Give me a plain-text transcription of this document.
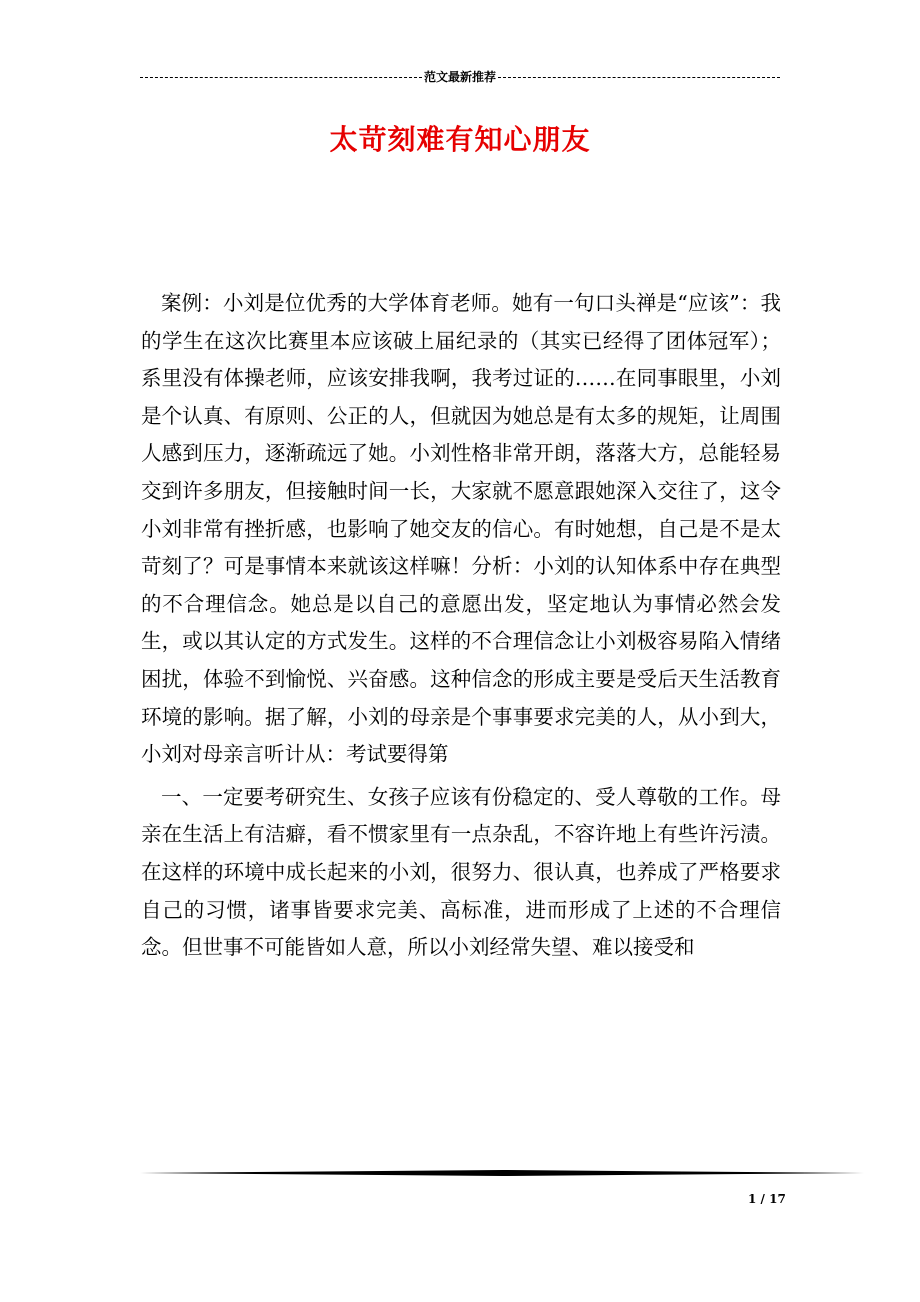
范文最新推荐
太苛刻难有知心朋友

案例：小刘是位优秀的大学体育老师。她有一句口头禅是“应该”：我的学生在这次比赛里本应该破上届纪录的（其实已经得了团体冠军）；系里没有体操老师，应该安排我啊，我考过证的……在同事眼里，小刘是个认真、有原则、公正的人，但就因为她总是有太多的规矩，让周围人感到压力，逐渐疏远了她。小刘性格非常开朗，落落大方，总能轻易交到许多朋友，但接触时间一长，大家就不愿意跟她深入交往了，这令小刘非常有挫折感，也影响了她交友的信心。有时她想，自己是不是太苛刻了？可是事情本来就该这样嘛！分析：小刘的认知体系中存在典型的不合理信念。她总是以自己的意愿出发，坚定地认为事情必然会发生，或以其认定的方式发生。这样的不合理信念让小刘极容易陷入情绪困扰，体验不到愉悦、兴奋感。这种信念的形成主要是受后天生活教育环境的影响。据了解，小刘的母亲是个事事要求完美的人，从小到大，小刘对母亲言听计从：考试要得第

一、一定要考研究生、女孩子应该有份稳定的、受人尊敬的工作。母亲在生活上有洁癖，看不惯家里有一点杂乱，不容许地上有些许污渍。在这样的环境中成长起来的小刘，很努力、很认真，也养成了严格要求自己的习惯，诸事皆要求完美、高标准，进而形成了上述的不合理信念。但世事不可能皆如人意，所以小刘经常失望、难以接受和

1 / 17
